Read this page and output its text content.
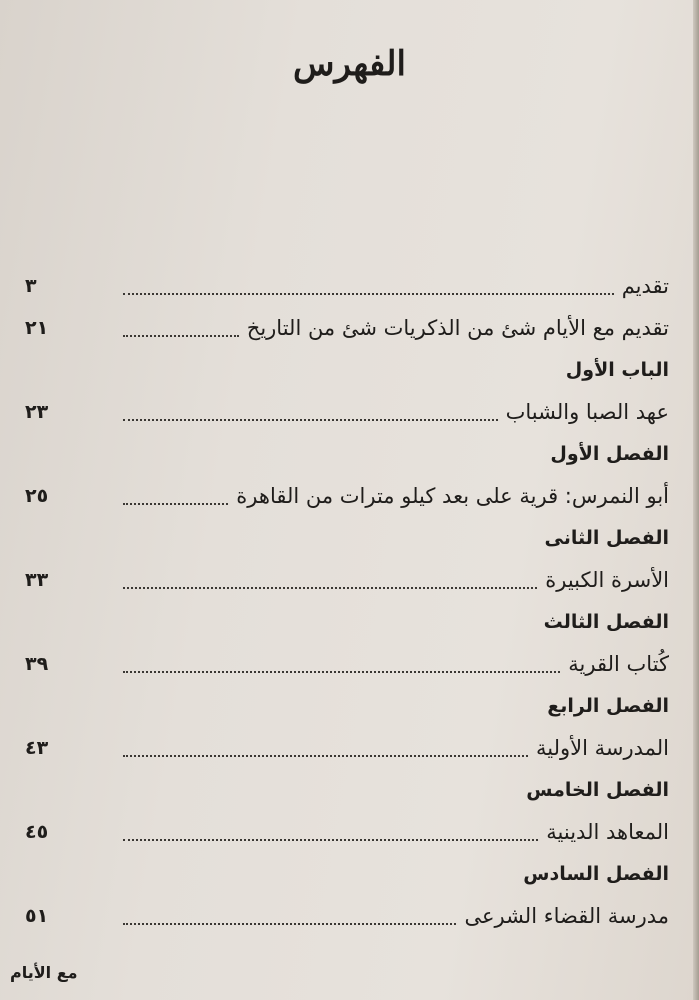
الفهرس
تقديم
٣
تقديم مع الأيام شئ من الذكريات شئ من التاريخ
٢١
الباب الأول
عهد الصبا والشباب
٢٣
الفصل الأول
أبو النمرس: قرية على بعد كيلو مترات من القاهرة
٢٥
الفصل الثانى
الأسرة الكبيرة
٣٣
الفصل الثالث
كُتاب القرية
٣٩
الفصل الرابع
المدرسة الأولية
٤٣
الفصل الخامس
المعاهد الدينية
٤٥
الفصل السادس
مدرسة القضاء الشرعى
٥١
مع الأيام
